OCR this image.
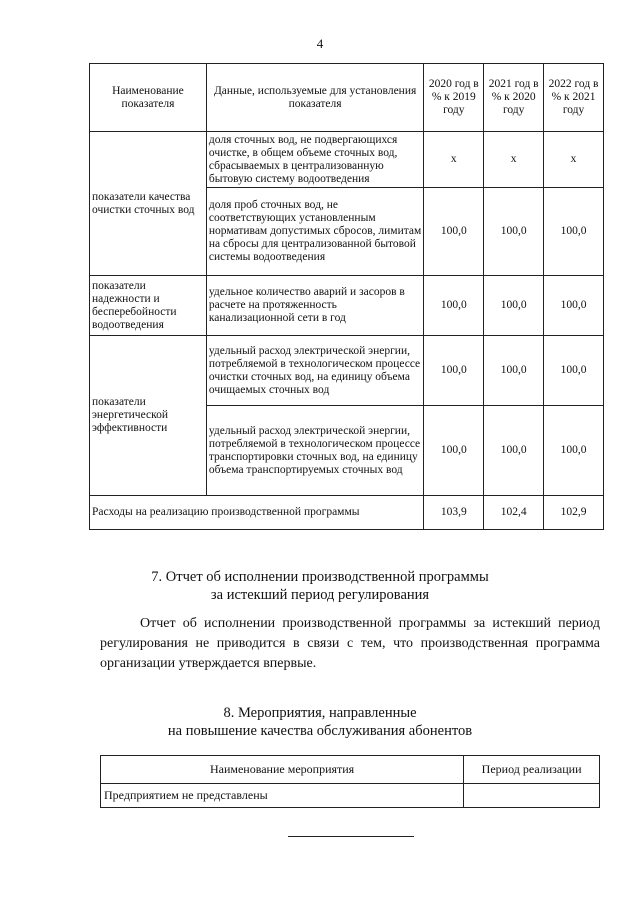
4
Наименование показателя	Данные, используемые для установления показателя	2020 год в % к 2019 году	2021 год в % к 2020 году	2022 год в % к 2021 году
показатели качества очистки сточных вод	доля сточных вод, не подвергающихся очистке, в общем объеме сточных вод, сбрасываемых в централизованную бытовую систему водоотведения	х	х	х
	доля проб сточных вод, не соответствующих установленным нормативам допустимых сбросов, лимитам на сбросы для централизованной бытовой системы водоотведения	100,0	100,0	100,0
показатели надежности и бесперебойности водоотведения	удельное количество аварий и засоров в расчете на протяженность канализационной сети в год	100,0	100,0	100,0
показатели энергетической эффективности	удельный расход электрической энергии, потребляемой в технологическом процессе очистки сточных вод, на единицу объема очищаемых сточных вод	100,0	100,0	100,0
	удельный расход электрической энергии, потребляемой в технологическом процессе транспортировки сточных вод, на единицу объема транспортируемых сточных вод	100,0	100,0	100,0
Расходы на реализацию производственной программы		103,9	102,4	102,9
7. Отчет об исполнении производственной программы
за истекший период регулирования

Отчет об исполнении производственной программы за истекший период регулирования не приводится в связи с тем, что производственная программа организации утверждается впервые.

8. Мероприятия, направленные
на повышение качества обслуживания абонентов
Наименование мероприятия	Период реализации
Предприятием не представлены	
